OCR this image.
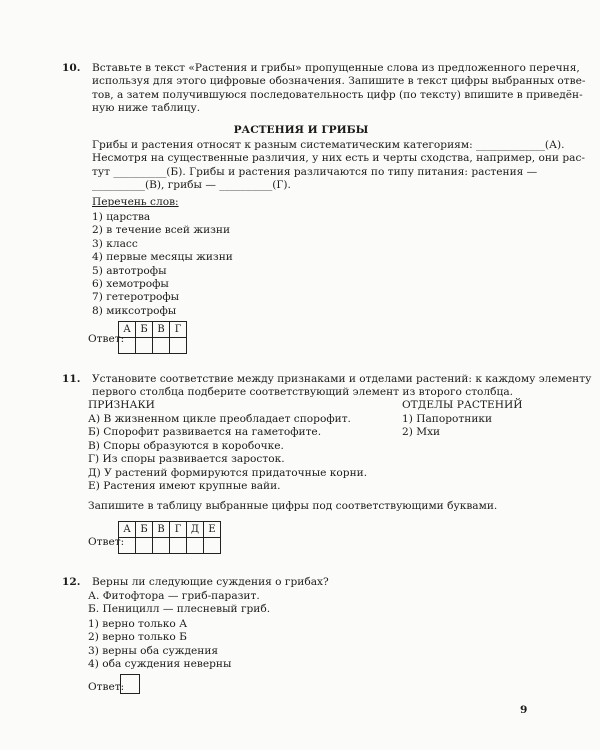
10. Вставьте в текст «Растения и грибы» пропущенные слова из предложенного перечня,
используя для этого цифровые обозначения. Запишите в текст цифры выбранных отве-
тов, а затем получившуюся последовательность цифр (по тексту) впишите в приведён-
ную ниже таблицу.
РАСТЕНИЯ И ГРИБЫ
Грибы и растения относят к разным систематическим категориям: _____________(А).
Несмотря на существенные различия, у них есть и черты сходства, например, они рас-
тут __________(Б). Грибы и растения различаются по типу питания: растения —
__________(В), грибы — __________(Г).
Перечень слов:
1) царства
2) в течение всей жизни
3) класс
4) первые месяцы жизни
5) автотрофы
6) хемотрофы
7) гетеротрофы
8) миксотрофы
Ответ:
А	Б	В	Г

11. Установите соответствие между признаками и отделами растений: к каждому элементу
первого столбца подберите соответствующий элемент из второго столбца.
ПРИЗНАКИ	ОТДЕЛЫ РАСТЕНИЙ
А) В жизненном цикле преобладает спорофит.
Б) Спорофит развивается на гаметофите.
В) Споры образуются в коробочке.
Г) Из споры развивается заросток.
Д) У растений формируются придаточные корни.
Е) Растения имеют крупные вайи.
1) Папоротники
2) Мхи
Запишите в таблицу выбранные цифры под соответствующими буквами.
Ответ:
А	Б	В	Г	Д	Е

12. Верны ли следующие суждения о грибах?
А. Фитофтора — гриб-паразит.
Б. Пеницилл — плесневый гриб.
1) верно только А
2) верно только Б
3) верны оба суждения
4) оба суждения неверны
Ответ:
9
